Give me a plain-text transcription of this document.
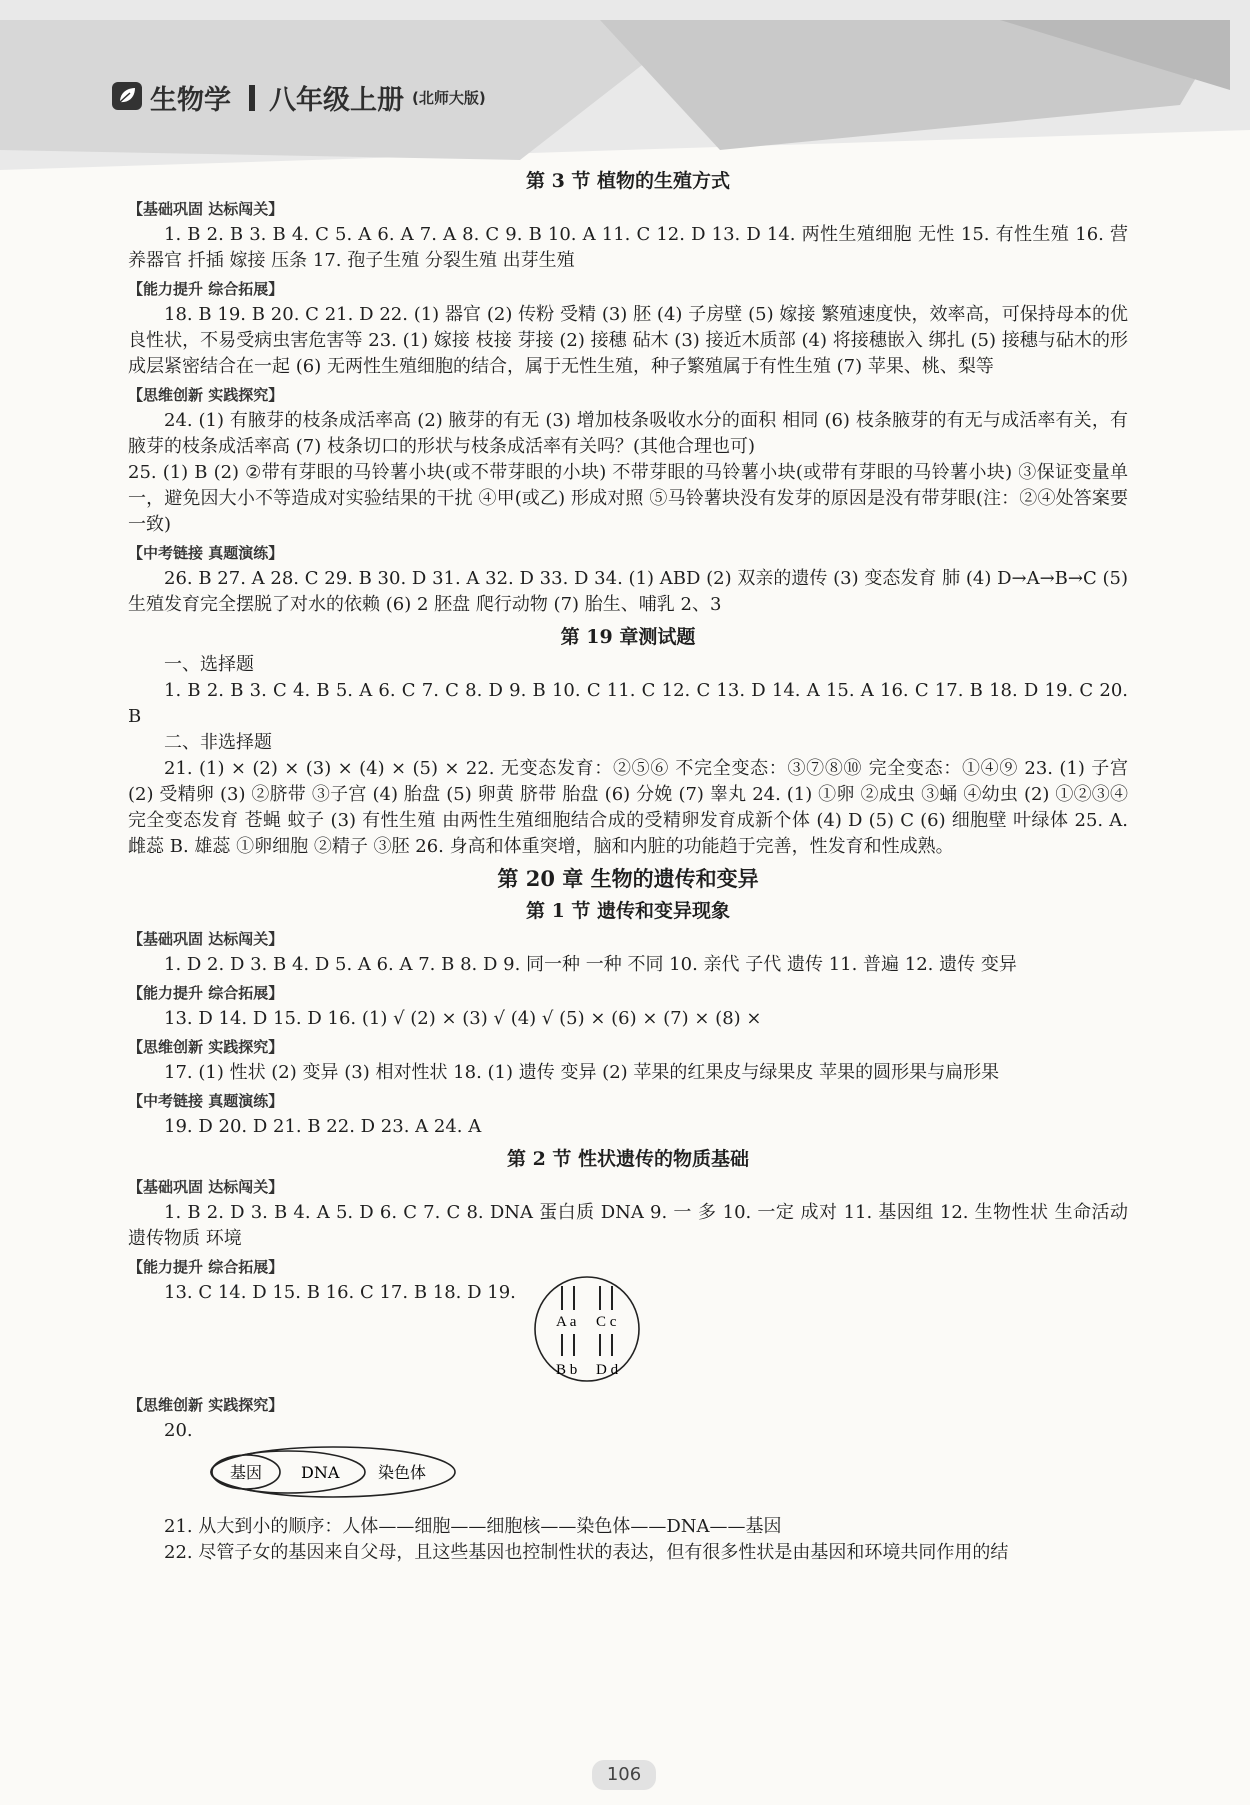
生物学 八年级上册 (北师大版)
第 3 节 植物的生殖方式
【基础巩固 达标闯关】

1. B 2. B 3. B 4. C 5. A 6. A 7. A 8. C 9. B 10. A 11. C 12. D 13. D 14. 两性生殖细胞 无性 15. 有性生殖 16. 营养器官 扦插 嫁接 压条 17. 孢子生殖 分裂生殖 出芽生殖

【能力提升 综合拓展】

18. B 19. B 20. C 21. D 22. (1) 器官 (2) 传粉 受精 (3) 胚 (4) 子房壁 (5) 嫁接 繁殖速度快，效率高，可保持母本的优良性状，不易受病虫害危害等 23. (1) 嫁接 枝接 芽接 (2) 接穗 砧木 (3) 接近木质部 (4) 将接穗嵌入 绑扎 (5) 接穗与砧木的形成层紧密结合在一起 (6) 无两性生殖细胞的结合，属于无性生殖，种子繁殖属于有性生殖 (7) 苹果、桃、梨等

【思维创新 实践探究】

24. (1) 有腋芽的枝条成活率高 (2) 腋芽的有无 (3) 增加枝条吸收水分的面积 相同 (6) 枝条腋芽的有无与成活率有关，有腋芽的枝条成活率高 (7) 枝条切口的形状与枝条成活率有关吗？(其他合理也可)

25. (1) B (2) ②带有芽眼的马铃薯小块(或不带芽眼的小块) 不带芽眼的马铃薯小块(或带有芽眼的马铃薯小块) ③保证变量单一，避免因大小不等造成对实验结果的干扰 ④甲(或乙) 形成对照 ⑤马铃薯块没有发芽的原因是没有带芽眼(注：②④处答案要一致)

【中考链接 真题演练】

26. B 27. A 28. C 29. B 30. D 31. A 32. D 33. D 34. (1) ABD (2) 双亲的遗传 (3) 变态发育 肺 (4) D→A→B→C (5) 生殖发育完全摆脱了对水的依赖 (6) 2 胚盘 爬行动物 (7) 胎生、哺乳 2、3

第 19 章测试题

一、选择题

1. B 2. B 3. C 4. B 5. A 6. C 7. C 8. D 9. B 10. C 11. C 12. C 13. D 14. A 15. A 16. C 17. B 18. D 19. C 20. B

二、非选择题

21. (1) × (2) × (3) × (4) × (5) × 22. 无变态发育：②⑤⑥ 不完全变态：③⑦⑧⑩ 完全变态：①④⑨ 23. (1) 子宫 (2) 受精卵 (3) ②脐带 ③子宫 (4) 胎盘 (5) 卵黄 脐带 胎盘 (6) 分娩 (7) 睾丸 24. (1) ①卵 ②成虫 ③蛹 ④幼虫 (2) ①②③④ 完全变态发育 苍蝇 蚊子 (3) 有性生殖 由两性生殖细胞结合成的受精卵发育成新个体 (4) D (5) C (6) 细胞壁 叶绿体 25. A. 雌蕊 B. 雄蕊 ①卵细胞 ②精子 ③胚 26. 身高和体重突增，脑和内脏的功能趋于完善，性发育和性成熟。

第 20 章 生物的遗传和变异
第 1 节 遗传和变异现象
【基础巩固 达标闯关】

1. D 2. D 3. B 4. D 5. A 6. A 7. B 8. D 9. 同一种 一种 不同 10. 亲代 子代 遗传 11. 普遍 12. 遗传 变异

【能力提升 综合拓展】

13. D 14. D 15. D 16. (1) √ (2) × (3) √ (4) √ (5) × (6) × (7) × (8) ×

【思维创新 实践探究】

17. (1) 性状 (2) 变异 (3) 相对性状 18. (1) 遗传 变异 (2) 苹果的红果皮与绿果皮 苹果的圆形果与扁形果

【中考链接 真题演练】

19. D 20. D 21. B 22. D 23. A 24. A

第 2 节 性状遗传的物质基础
【基础巩固 达标闯关】

1. B 2. D 3. B 4. A 5. D 6. C 7. C 8. DNA 蛋白质 DNA 9. 一 多 10. 一定 成对 11. 基因组 12. 生物性状 生命活动 遗传物质 环境

【能力提升 综合拓展】

13. C 14. D 15. B 16. C 17. B 18. D 19.

A a C c
B b D d
【思维创新 实践探究】

20.

基因 DNA 染色体

21. 从大到小的顺序：人体——细胞——细胞核——染色体——DNA——基因

22. 尽管子女的基因来自父母，且这些基因也控制性状的表达，但有很多性状是由基因和环境共同作用的结

106
